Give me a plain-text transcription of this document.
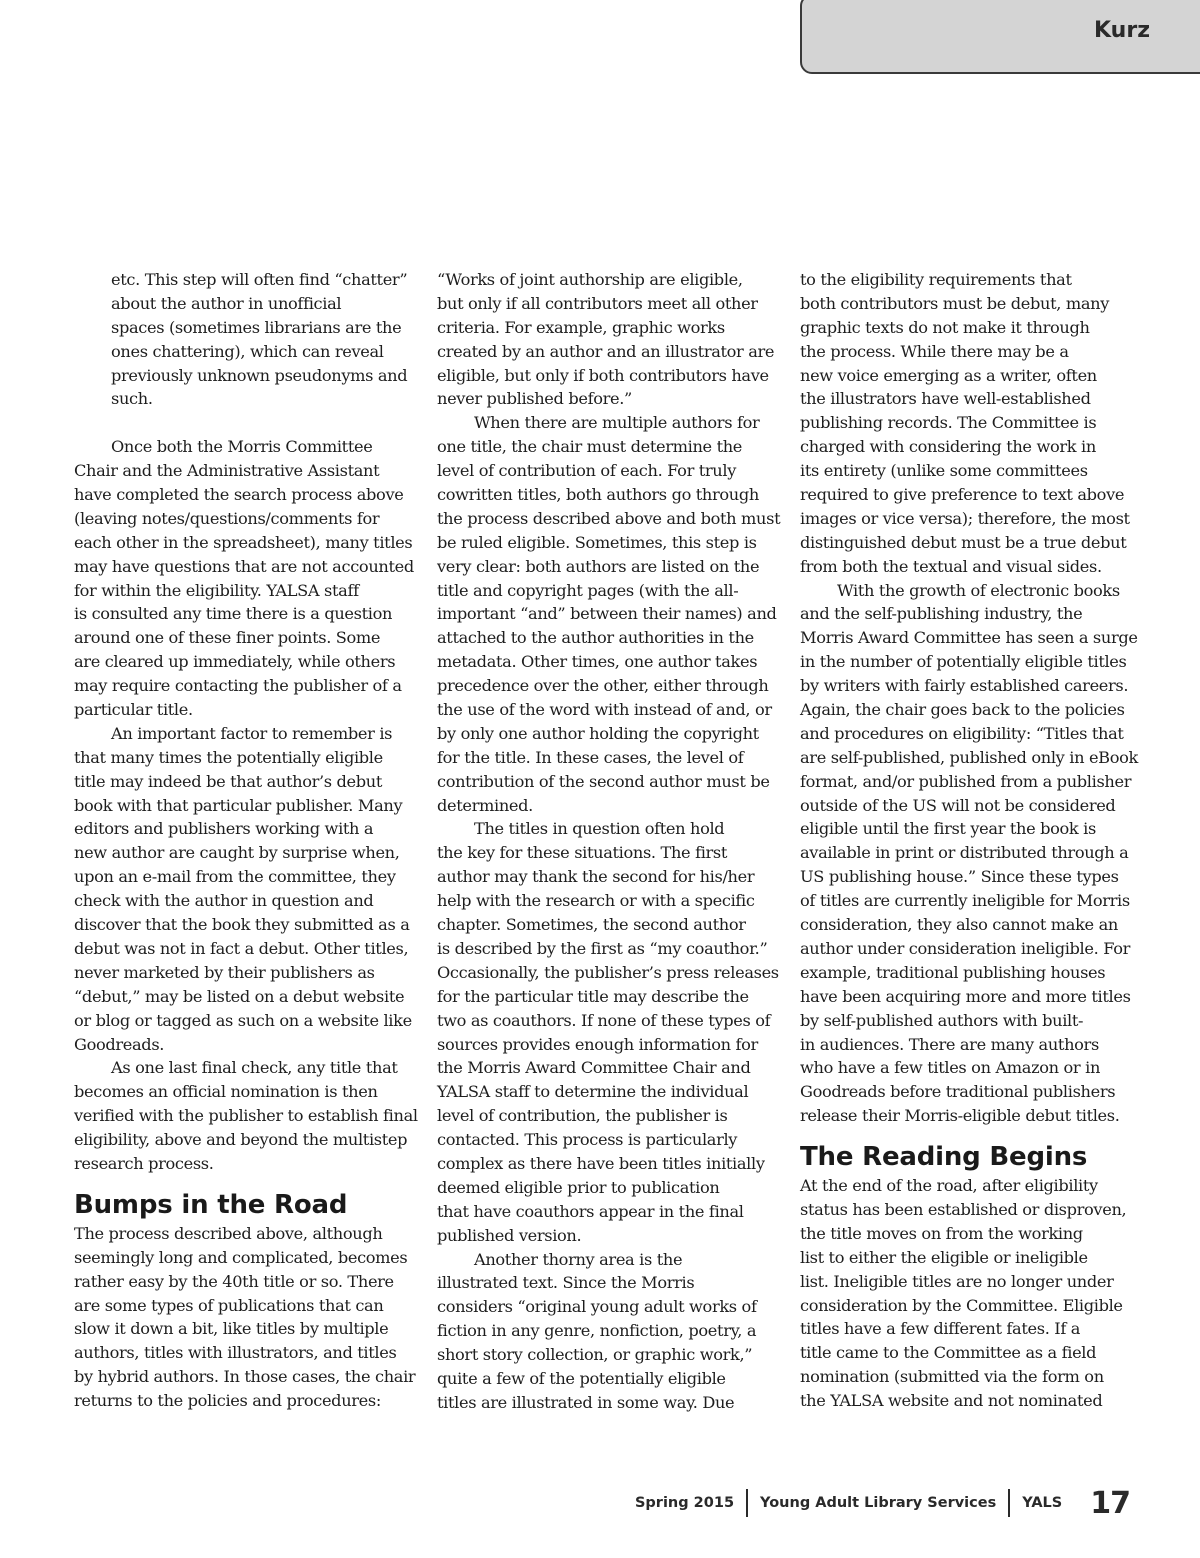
Kurz
etc. This step will often find “chatter”
about the author in unofficial
spaces (sometimes librarians are the
ones chattering), which can reveal
previously unknown pseudonyms and
such.
Once both the Morris Committee
Chair and the Administrative Assistant
have completed the search process above
(leaving notes/questions/comments for
each other in the spreadsheet), many titles
may have questions that are not accounted
for within the eligibility. YALSA staff
is consulted any time there is a question
around one of these finer points. Some
are cleared up immediately, while others
may require contacting the publisher of a
particular title.
An important factor to remember is
that many times the potentially eligible
title may indeed be that author’s debut
book with that particular publisher. Many
editors and publishers working with a
new author are caught by surprise when,
upon an e-mail from the committee, they
check with the author in question and
discover that the book they submitted as a
debut was not in fact a debut. Other titles,
never marketed by their publishers as
“debut,” may be listed on a debut website
or blog or tagged as such on a website like
Goodreads.
As one last final check, any title that
becomes an official nomination is then
verified with the publisher to establish final
eligibility, above and beyond the multistep
research process.
Bumps in the Road
The process described above, although
seemingly long and complicated, becomes
rather easy by the 40th title or so. There
are some types of publications that can
slow it down a bit, like titles by multiple
authors, titles with illustrators, and titles
by hybrid authors. In those cases, the chair
returns to the policies and procedures:
“Works of joint authorship are eligible,
but only if all contributors meet all other
criteria. For example, graphic works
created by an author and an illustrator are
eligible, but only if both contributors have
never published before.”
When there are multiple authors for
one title, the chair must determine the
level of contribution of each. For truly
cowritten titles, both authors go through
the process described above and both must
be ruled eligible. Sometimes, this step is
very clear: both authors are listed on the
title and copyright pages (with the all-
important “and” between their names) and
attached to the author authorities in the
metadata. Other times, one author takes
precedence over the other, either through
the use of the word with instead of and, or
by only one author holding the copyright
for the title. In these cases, the level of
contribution of the second author must be
determined.
The titles in question often hold
the key for these situations. The first
author may thank the second for his/her
help with the research or with a specific
chapter. Sometimes, the second author
is described by the first as “my coauthor.”
Occasionally, the publisher’s press releases
for the particular title may describe the
two as coauthors. If none of these types of
sources provides enough information for
the Morris Award Committee Chair and
YALSA staff to determine the individual
level of contribution, the publisher is
contacted. This process is particularly
complex as there have been titles initially
deemed eligible prior to publication
that have coauthors appear in the final
published version.
Another thorny area is the
illustrated text. Since the Morris
considers “original young adult works of
fiction in any genre, nonfiction, poetry, a
short story collection, or graphic work,”
quite a few of the potentially eligible
titles are illustrated in some way. Due
to the eligibility requirements that
both contributors must be debut, many
graphic texts do not make it through
the process. While there may be a
new voice emerging as a writer, often
the illustrators have well-established
publishing records. The Committee is
charged with considering the work in
its entirety (unlike some committees
required to give preference to text above
images or vice versa); therefore, the most
distinguished debut must be a true debut
from both the textual and visual sides.
With the growth of electronic books
and the self-publishing industry, the
Morris Award Committee has seen a surge
in the number of potentially eligible titles
by writers with fairly established careers.
Again, the chair goes back to the policies
and procedures on eligibility: “Titles that
are self-published, published only in eBook
format, and/or published from a publisher
outside of the US will not be considered
eligible until the first year the book is
available in print or distributed through a
US publishing house.” Since these types
of titles are currently ineligible for Morris
consideration, they also cannot make an
author under consideration ineligible. For
example, traditional publishing houses
have been acquiring more and more titles
by self-published authors with built-
in audiences. There are many authors
who have a few titles on Amazon or in
Goodreads before traditional publishers
release their Morris-eligible debut titles.
The Reading Begins
At the end of the road, after eligibility
status has been established or disproven,
the title moves on from the working
list to either the eligible or ineligible
list. Ineligible titles are no longer under
consideration by the Committee. Eligible
titles have a few different fates. If a
title came to the Committee as a field
nomination (submitted via the form on
the YALSA website and not nominated
Spring 2015 Young Adult Library Services YALS 17
